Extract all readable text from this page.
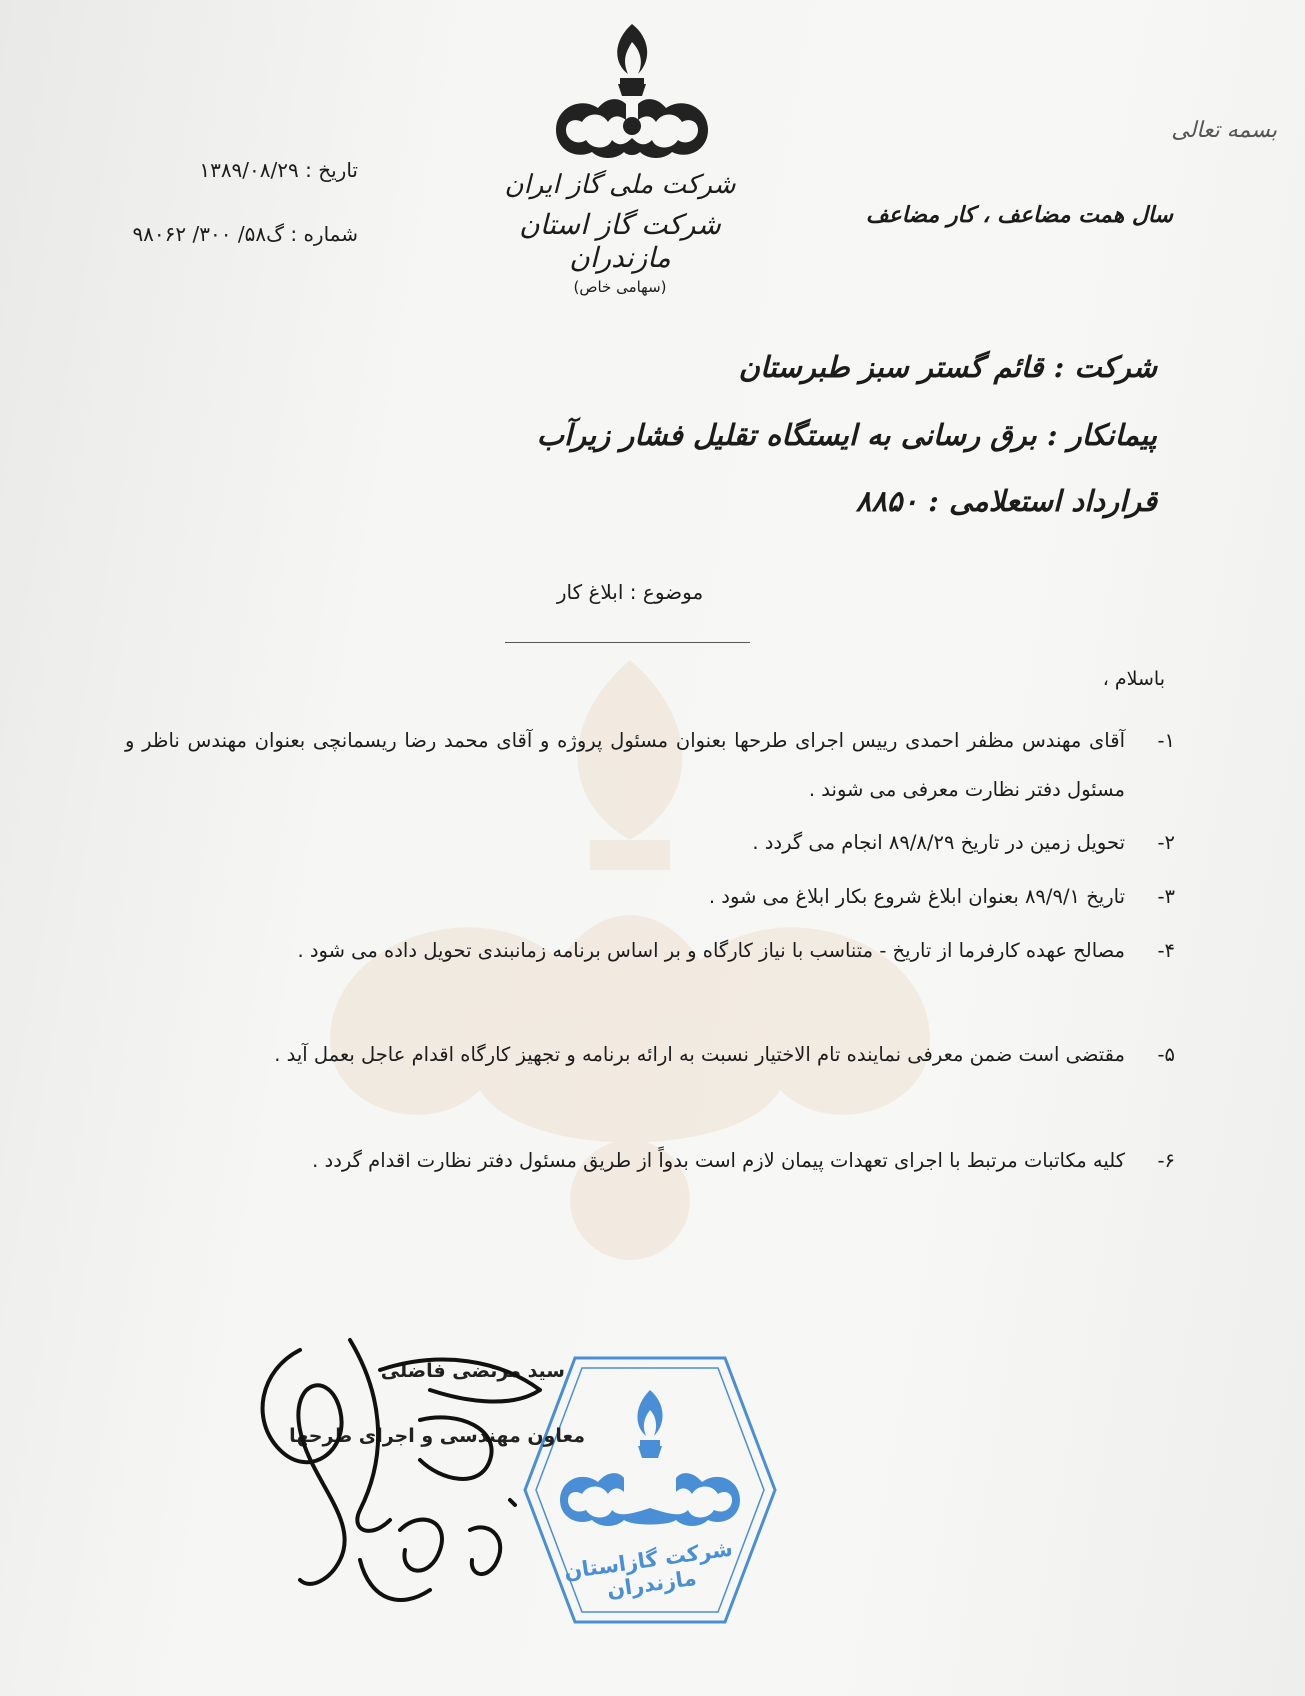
شرکت ملی گاز ایران
شرکت گاز استان مازندران
(سهامی خاص)
بسمه تعالی
سال همت مضاعف ، کار مضاعف
تاریخ : ۱۳۸۹/۰۸/۲۹
شماره : گ۵۸/ ۳۰۰/ ۹۸۰۶۲
شرکت : قائم گستر سبز طبرستان
پیمانکار : برق رسانی به ایستگاه تقلیل فشار زیرآب
قرارداد استعلامی : ۸۸۵۰
موضوع : ابلاغ کار
باسلام ،
۱-
آقای مهندس مظفر احمدی رییس اجرای طرحها بعنوان مسئول پروژه و آقای محمد رضا ریسمانچی بعنوان مهندس ناظر و مسئول دفتر نظارت معرفی می شوند .
۲-
تحویل زمین در تاریخ ۸۹/۸/۲۹ انجام می گردد .
۳-
تاریخ ۸۹/۹/۱ بعنوان ابلاغ شروع بکار ابلاغ می شود .
۴-
مصالح عهده کارفرما از تاریخ - متناسب با نیاز کارگاه و بر اساس برنامه زمانبندی تحویل داده می شود .
۵-
مقتضی است ضمن معرفی نماینده تام الاختیار نسبت به ارائه برنامه و تجهیز کارگاه اقدام عاجل بعمل آید .
۶-
کلیه مکاتبات مرتبط با اجرای تعهدات پیمان لازم است بدواً از طریق مسئول دفتر نظارت اقدام گردد .
شرکت گازاستان مازندران
سید مرتضی فاضلی
معاون مهندسی و اجرای طرحها
